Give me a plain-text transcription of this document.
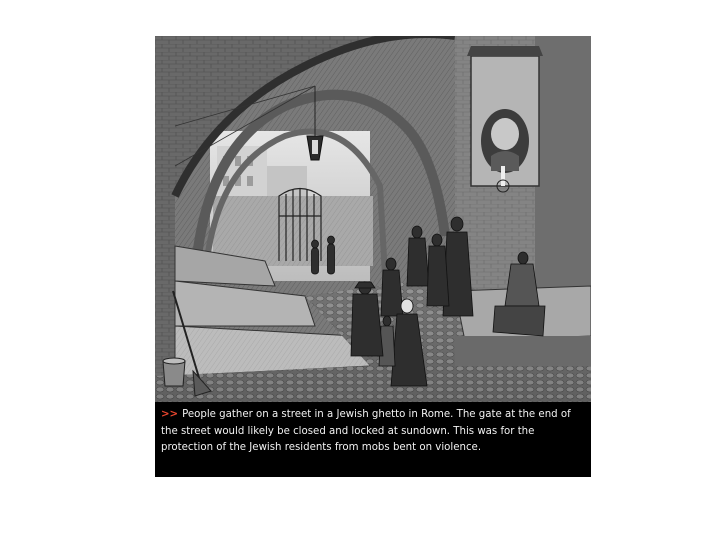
>> People gather on a street in a Jewish ghetto in Rome. The gate at the end of the street would likely be closed and locked at sundown. This was for the protection of the Jewish residents from mobs bent on violence.
